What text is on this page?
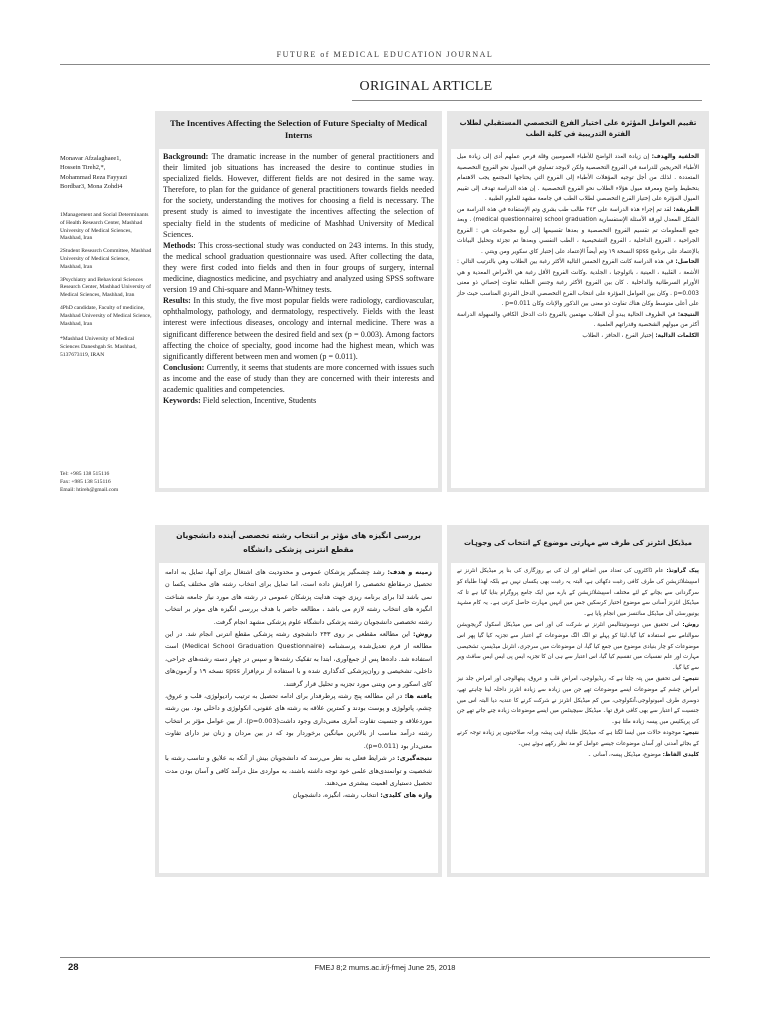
FUTURE of MEDICAL EDUCATION JOURNAL
ORIGINAL ARTICLE
Monavar Afzalaghaee1,
Hossein Tireh2,*,
Mohammad Reza Fayyazi
Bordbar3, Mona Zohdi4
1Management and Social Determinants of Health Research Center, Mashhad University of Medical Sciences, Mashhad, Iran
2Student Research Committee, Mashhad University of Medical Science, Mashhad, Iran
3Psychiatry and Behavioral Sciences Research Center, Mashhad University of Medical Sciences, Mashhad, Iran
4PhD candidate, Faculty of medicine, Mashhad University of Medical Science, Mashhad, Iran
*Mashhad University of Medical Sciences Daneshgah St. Mashhad, 5137673119, IRAN
Tel: +985 138 515116
Fax: +985 138 515116
Email: htireh@gmail.com
The Incentives Affecting the Selection of Future Specialty of Medical Interns

Background: The dramatic increase in the number of general practitioners and their limited job situations has increased the desire to continue studies in specialized fields. However, different fields are not desired in the same way. Therefore, to plan for the guidance of general practitioners towards fields needed for the society, understanding the motives for choosing a field is necessary. The present study is aimed to investigate the incentives affecting the selection of specialty field in the students of medicine of Mashhad University of Medical Sciences.

Methods: This cross-sectional study was conducted on 243 interns. In this study, the medical school graduation questionnaire was used. After collecting the data, they were first coded into fields and then in four groups of surgery, internal medicine, diagnostics medicine, and psychiatry and analyzed using SPSS software version 19 and Chi-square and Mann-Whitney tests.

Results: In this study, the five most popular fields were radiology, cardiovascular, ophthalmology, pathology, and dermatology, respectively. Fields with the least interest were infectious diseases, oncology and internal medicine. There was a significant difference between the desired field and sex (p = 0.003). Among factors affecting the choice of specialty, good income had the highest mean, which was significantly different between men and women (p = 0.011).

Conclusion: Currently, it seems that students are more concerned with issues such as income and the ease of study than they are concerned with their interests and academic qualities and competencies.

Keywords: Field selection, Incentive, Students

تقييم العوامل المؤثرة على اختيار الفرع التخصصي المستقبلي لطلاب الفترة التدريبية في كلية الطب

الخلفية والهدف: إن زيادة العدد الواضح للأطباء العموميين وقلة فرص عملهم أدى إلى زيادة ميل الأطباء الخريجين للدراسة في الفروع التخصصية ولكن لايوجد تساوي في الميول نحو الفروع التخصصية المتعددة . لذلك من أجل توجيه المؤهلات الأطباء إلى الفروع التي يحتاجها المجتمع يجب الاهتمام بتخطيط واضح ومعرفة ميول هؤلاء الطلاب نحو الفروع التخصصية . إن هذه الدراسة تهدف إلى تقييم الميول المؤثرة على إختيار الفرع التخصصي لطلاب الطب في جامعة مشهد للعلوم الطبية .

الطريقة: لقد تم إجراء هذه الدراسة على ٢٤٣ طالب طب بشري وتم الإستفادة في هذه الدراسة من الشكل المعدل لورقة الأسئلة الإستفسارية medical questionnaire) school graduation) . وبعد جمع المعلومات تم تقسيم الفروع التخصصية و بعدها تقسيمها إلى أربع مجموعات هي : الفروع الجراحية ، الفروع الداخلية ، الفروع التشخيصية ، الطب النفسي وبعدها تم تجزئة وتحليل البيانات بالإعتماد على برنامج spss النسخة ١٩ وتم أيضاً الإعتماد على إختبار كاي سكوير ومن ويتني .

الحاصل: في هذه الدراسة كانت الفروع الخمس التالية الأكثر رغبة بين الطلاب وهي بالترتيب التالي : الأشعة ، القلبية ، العينية ، باثولوجيا ، الجلدية .وكانت الفروع الأقل رغبة هي الأمراض المعدية و هي الأورام السرطانية والداخلية . كان بين الفروع الأكثر رغبة وجنس الطلبة تفاوت إحصائي ذو معنى p=0.003 . وكان بين العوامل المؤثرة على انتخاب الفرع التخصصي الدخل الفردي المناسب حيث حاز على أعلى متوسط وكان هناك تفاوت ذو معنى بين الذكور والإناث وكان p=0.011 .

النتيجة: في الظروف الحالية يبدو أن الطلاب مهتمين بالفروع ذات الدخل الكافي والسهولة الدراسة أكثر من ميولهم الشخصية وقدراتهم العلمية .

الكلمات الدالية: إختيار الفرع ، الحافز ، الطلاب

بررسی انگیزه های مؤثر بر انتخاب رشته تخصصی آینده دانشجویان مقطع انترنی پزشکی دانشگاه

زمینه و هدف: رشد چشمگیر پزشکان عمومی و محدودیت های اشتغال برای آنها، تمایل به ادامه تحصیل درمقاطع تخصصی را افزایش داده است، اما تمایل برای انتخاب رشته های مختلف یکسا ن نمی باشد لذا برای برنامه ریزی جهت هدایت پزشکان عمومی در رشته های مورد نیاز جامعه شناخت انگیزه های انتخاب رشته لازم می باشد ، مطالعه حاضر با هدف بررسی انگیزه های موثر بر انتخاب رشته تخصصی دانشجویان رشته پزشکی دانشگاه علوم پزشکی مشهد انجام گرفت.

روش: این مطالعه مقطعی بر روی ۲۴۳ دانشجوی رشته پزشکی مقطع انترنی انجام شد. در این مطالعه از فرم تعدیل‌شده پرسشنامه (Medical School Graduation Questionnaire) است استفاده شد. داده‌ها پس از جمع‌آوری، ابتدا به تفکیک رشته‌ها و سپس در چهار دسته رشته‌های جراحی، داخلی، تشخیصی و روان‌پزشکی کدگذاری شده و با استفاده از نرم‌افزار spss نسخه ۱۹ و آزمون‌های کای اسکور و من ویتنی مورد تجزیه و تحلیل قرار گرفتند.

یافته ها: در این مطالعه پنج رشته پرطرفدار برای ادامه تحصیل به ترتیب رادیولوژی، قلب و عروق، چشم، پاتولوژی و پوست بودند و کمترین علاقه به رشته های عفونی، انکولوژی و داخلی بود. بین رشته موردعلاقه و جنسیت تفاوت آماری معنی‌داری وجود داشت(p=0.003). از بین عوامل مؤثر بر انتخاب رشته درآمد مناسب از بالاترین میانگین برخوردار بود که در بین مردان و زنان نیز دارای تفاوت معنی‌دار بود (p=0.011).

نتیجه‌گیری: در شرایط فعلی به نظر می‌رسد که دانشجویان بیش از آنکه به علایق و تناسب رشته با شخصیت و توانمندی‌های علمی خود توجه داشته باشند، به مواردی مثل درآمد کافی و آسان بودن مدت تحصیل دستیاری اهمیت بیشتری می‌دهند.

واژه های کلیدی: انتخاب رشته، انگیزه، دانشجویان

میڈیکل انٹرنز کی طرف سے مہارتی موضوع کے انتخاب کی وجوہات

پیک گراونڈ: عام ڈاکٹروں کی تعداد میں اضافے اور ان کی بے روزگاری کی بنا پر میڈیکل انٹرنز نے اسپیشلائزیشن کی طرف کافی رغبت دکھائی ہے، البتہ یہ رغبت بھی یکساں نہیں ہے بلکہ لھذا طلباء کو سرگردانی سے بچانے کے لئے مختلف اسپیشلائزیشن کے بارے میں ایک جامع پروگرام بنایا گیا ہے تا کہ میڈیکل انٹرنز آسانی سے موضوع اختیار کرسکیں جس میں انہیں مہارت حاصل کرنی ہے۔ یہ کام مشہد یونیورسٹی آف میڈیکل سائنسز میں انجام پایا ہے۔

روش: اس تحقیق میں دوسوتینتالیس انٹرنز نے شرکت کی اور اس میں میڈیکل اسکول گریجویشن سوالنامے سے استفادہ کیا گیا۔لیٹا کو پہلے تو الگ الگ موضوعات کے اعتبار سے تجزیہ کیا گیا پھر اس موضوعات کو چار بنیادی موضوع میں جمع کیا گیا، ان موضوعات میں سرجری، انٹرنل میڈیسن، تشخیصی مہارت اور علم نفسیات میں تقسیم کیا گیا، اس اعتبار سے ہی ان کا تجزیہ ایس پی ایس ایس سافٹ ویر سے کیا گیا۔

نتیجے: اس تحقیق میں پتہ چلتا ہے کہ ریڈیولوجی، امراض قلب و عروق، پیتھالوجی اور امراض جلد نیز امراض چشم کے موضوعات ایسے موضوعات تھے جن میں زیادہ سے زیادہ انٹرنز داخلہ لینا چاہتے تھے، دوسری طرف امیونولوجی،آنکولوجی، میں کم میڈیکل انٹرنز نے شرکت کرنے کا عندیہ دیا البتہ اس میں جنسیت کے اعتبار سے بھی کافی فرق تھا۔ میڈیکل سیچینٹس میں ایسے موضوعات زیادہ چنے جاتے تھے جن کی پریکٹیس میں پیسہ زیادہ ملتا ہو۔

نتیجے: موجودہ حالات میں ایسا لگتا ہے کہ میڈیکل طلباء اپنی پیشہ ورانہ صلاحیتوں پر زیادہ توجہ کرنے کے بجائے آمدنی اور آسان موضوعات جیسے عوامل کو مد نظر رکھے ہوئے ہیں۔

کلیدی الفاظ: موضوع، میڈیکل پیسہ، آسانی ۔

28	FMEJ 8;2 mums.ac.ir/j-fmej June 25, 2018
